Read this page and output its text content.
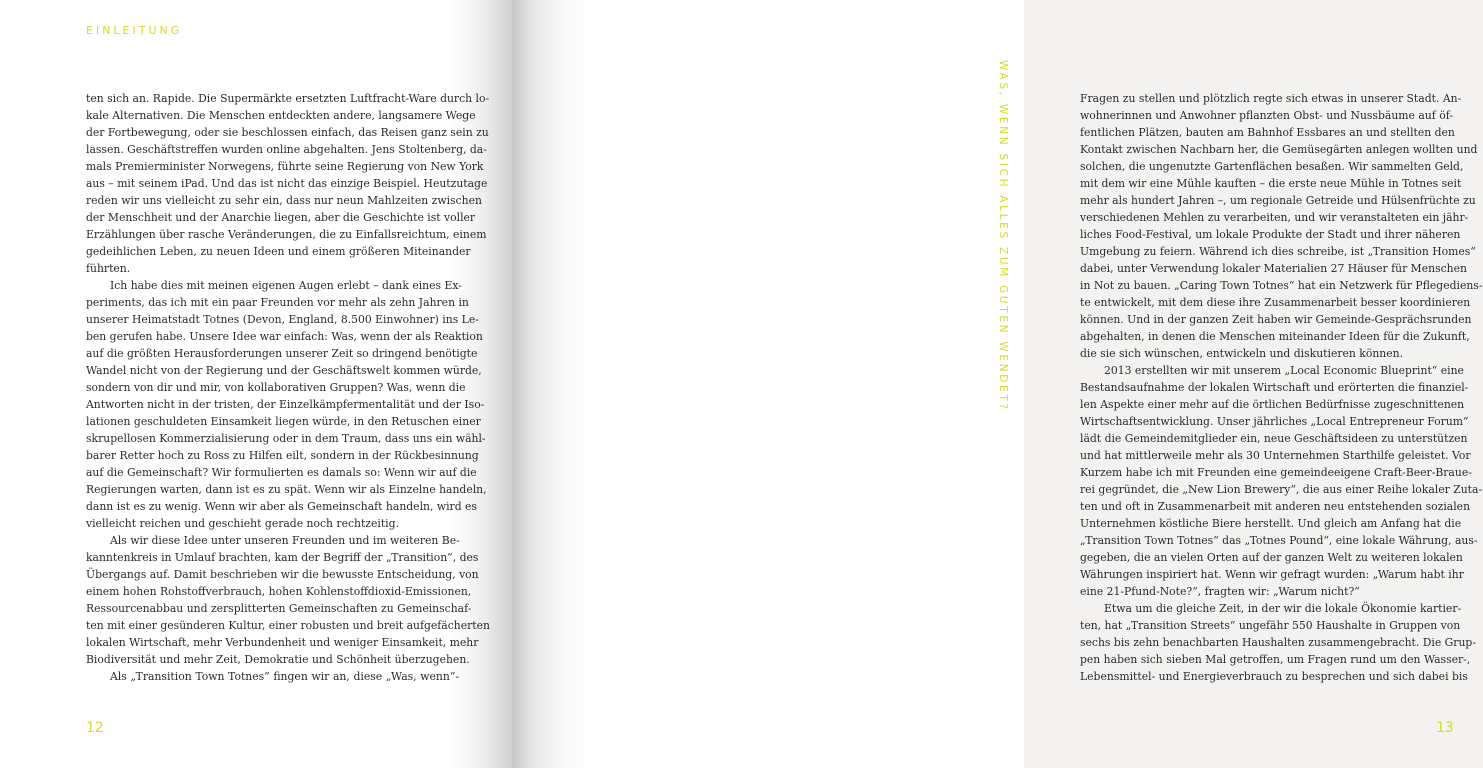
EINLEITUNG
ten sich an. Rapide. Die Supermärkte ersetzten Luftfracht-Ware durch lo-
kale Alternativen. Die Menschen entdeckten andere, langsamere Wege
der Fortbewegung, oder sie beschlossen einfach, das Reisen ganz sein zu
lassen. Geschäftstreffen wurden online abgehalten. Jens Stoltenberg, da-
mals Premierminister Norwegens, führte seine Regierung von New York
aus – mit seinem iPad. Und das ist nicht das einzige Beispiel. Heutzutage
reden wir uns vielleicht zu sehr ein, dass nur neun Mahlzeiten zwischen
der Menschheit und der Anarchie liegen, aber die Geschichte ist voller
Erzählungen über rasche Veränderungen, die zu Einfallsreichtum, einem
gedeihlichen Leben, zu neuen Ideen und einem größeren Miteinander
führten.
Ich habe dies mit meinen eigenen Augen erlebt – dank eines Ex-
periments, das ich mit ein paar Freunden vor mehr als zehn Jahren in
unserer Heimatstadt Totnes (Devon, England, 8.500 Einwohner) ins Le-
ben gerufen habe. Unsere Idee war einfach: Was, wenn der als Reaktion
auf die größten Herausforderungen unserer Zeit so dringend benötigte
Wandel nicht von der Regierung und der Geschäftswelt kommen würde,
sondern von dir und mir, von kollaborativen Gruppen? Was, wenn die
Antworten nicht in der tristen, der Einzelkämpfermentalität und der Iso-
lationen geschuldeten Einsamkeit liegen würde, in den Retuschen einer
skrupellosen Kommerzialisierung oder in dem Traum, dass uns ein wähl-
barer Retter hoch zu Ross zu Hilfen eilt, sondern in der Rückbesinnung
auf die Gemeinschaft? Wir formulierten es damals so: Wenn wir auf die
Regierungen warten, dann ist es zu spät. Wenn wir als Einzelne handeln,
dann ist es zu wenig. Wenn wir aber als Gemeinschaft handeln, wird es
vielleicht reichen und geschieht gerade noch rechtzeitig.
Als wir diese Idee unter unseren Freunden und im weiteren Be-
kanntenkreis in Umlauf brachten, kam der Begriff der „Transition“, des
Übergangs auf. Damit beschrieben wir die bewusste Entscheidung, von
einem hohen Rohstoffverbrauch, hohen Kohlenstoffdioxid-Emissionen,
Ressourcenabbau und zersplitterten Gemeinschaften zu Gemeinschaf-
ten mit einer gesünderen Kultur, einer robusten und breit aufgefächerten
lokalen Wirtschaft, mehr Verbundenheit und weniger Einsamkeit, mehr
Biodiversität und mehr Zeit, Demokratie und Schönheit überzugehen.
Als „Transition Town Totnes“ fingen wir an, diese „Was, wenn“-
12
Fragen zu stellen und plötzlich regte sich etwas in unserer Stadt. An-
wohnerinnen und Anwohner pflanzten Obst- und Nussbäume auf öf-
fentlichen Plätzen, bauten am Bahnhof Essbares an und stellten den
Kontakt zwischen Nachbarn her, die Gemüsegärten anlegen wollten und
solchen, die ungenutzte Gartenflächen besaßen. Wir sammelten Geld,
mit dem wir eine Mühle kauften – die erste neue Mühle in Totnes seit
mehr als hundert Jahren –, um regionale Getreide und Hülsenfrüchte zu
verschiedenen Mehlen zu verarbeiten, und wir veranstalteten ein jähr-
liches Food-Festival, um lokale Produkte der Stadt und ihrer näheren
Umgebung zu feiern. Während ich dies schreibe, ist „Transition Homes“
dabei, unter Verwendung lokaler Materialien 27 Häuser für Menschen
in Not zu bauen. „Caring Town Totnes“ hat ein Netzwerk für Pflegediens-
te entwickelt, mit dem diese ihre Zusammenarbeit besser koordinieren
können. Und in der ganzen Zeit haben wir Gemeinde-Gesprächsrunden
abgehalten, in denen die Menschen miteinander Ideen für die Zukunft,
die sie sich wünschen, entwickeln und diskutieren können.
2013 erstellten wir mit unserem „Local Economic Blueprint“ eine
Bestandsaufnahme der lokalen Wirtschaft und erörterten die finanziel-
len Aspekte einer mehr auf die örtlichen Bedürfnisse zugeschnittenen
Wirtschaftsentwicklung. Unser jährliches „Local Entrepreneur Forum“
lädt die Gemeindemitglieder ein, neue Geschäftsideen zu unterstützen
und hat mittlerweile mehr als 30 Unternehmen Starthilfe geleistet. Vor
Kurzem habe ich mit Freunden eine gemeindeeigene Craft-Beer-Braue-
rei gegründet, die „New Lion Brewery“, die aus einer Reihe lokaler Zuta-
ten und oft in Zusammenarbeit mit anderen neu entstehenden sozialen
Unternehmen köstliche Biere herstellt. Und gleich am Anfang hat die
„Transition Town Totnes“ das „Totnes Pound“, eine lokale Währung, aus-
gegeben, die an vielen Orten auf der ganzen Welt zu weiteren lokalen
Währungen inspiriert hat. Wenn wir gefragt wurden: „Warum habt ihr
eine 21-Pfund-Note?“, fragten wir: „Warum nicht?“
Etwa um die gleiche Zeit, in der wir die lokale Ökonomie kartier-
ten, hat „Transition Streets“ ungefähr 550 Haushalte in Gruppen von
sechs bis zehn benachbarten Haushalten zusammengebracht. Die Grup-
pen haben sich sieben Mal getroffen, um Fragen rund um den Wasser-,
Lebensmittel- und Energieverbrauch zu besprechen und sich dabei bis
13
WAS, WENN SICH ALLES ZUM GUTEN WENDET?
